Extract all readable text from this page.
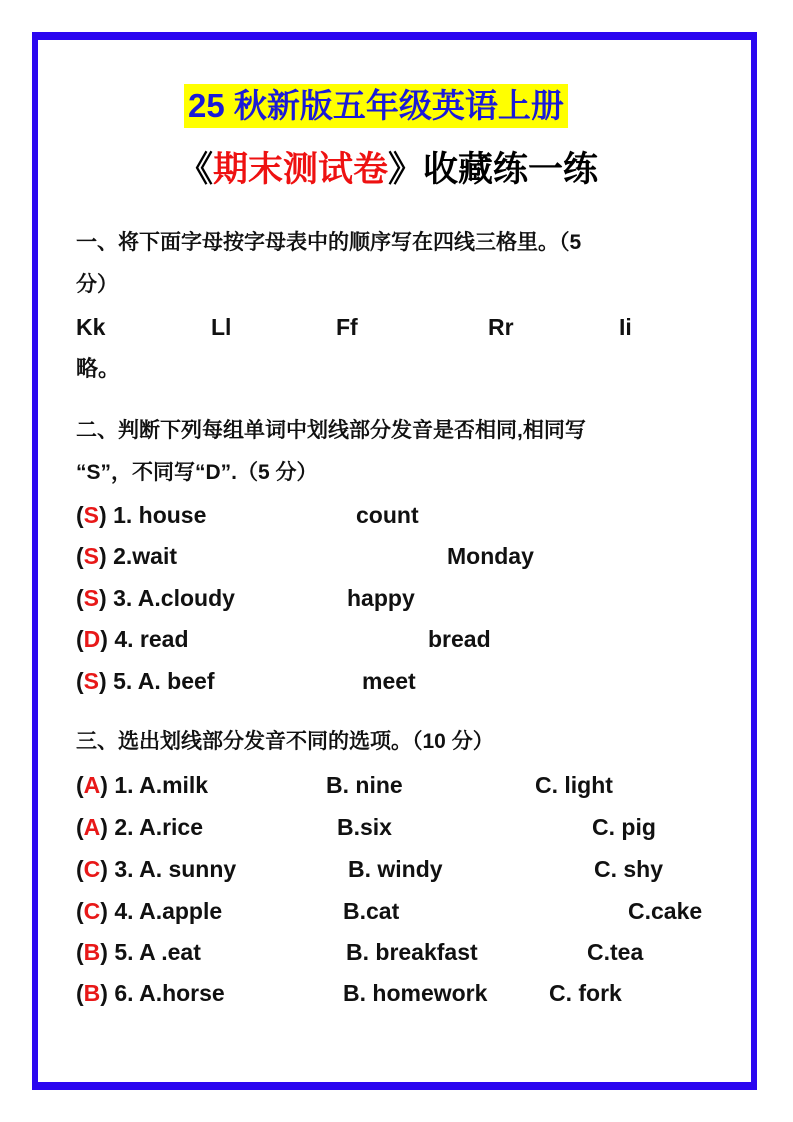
25 秋新版五年级英语上册
《期末测试卷》收藏练一练
一、将下面字母按字母表中的顺序写在四线三格里。（5
分）
Kk	Ll	Ff	Rr	Ii
略。
二、判断下列每组单词中划线部分发音是否相同,相同写
“S”，不同写“D”.（5 分）
(S) 1. house	count
(S) 2.wait	Monday
(S) 3. A.cloudy	happy
(D) 4. read	bread
(S) 5. A. beef	meet
三、选出划线部分发音不同的选项。（10 分）
(A) 1. A.milk	B. nine	C. light
(A) 2. A.rice	B.six	C. pig
(C) 3. A. sunny	B. windy	C. shy
(C) 4. A.apple	B.cat	C.cake
(B) 5. A .eat	B. breakfast	C.tea
(B) 6. A.horse	B. homework	C. fork
